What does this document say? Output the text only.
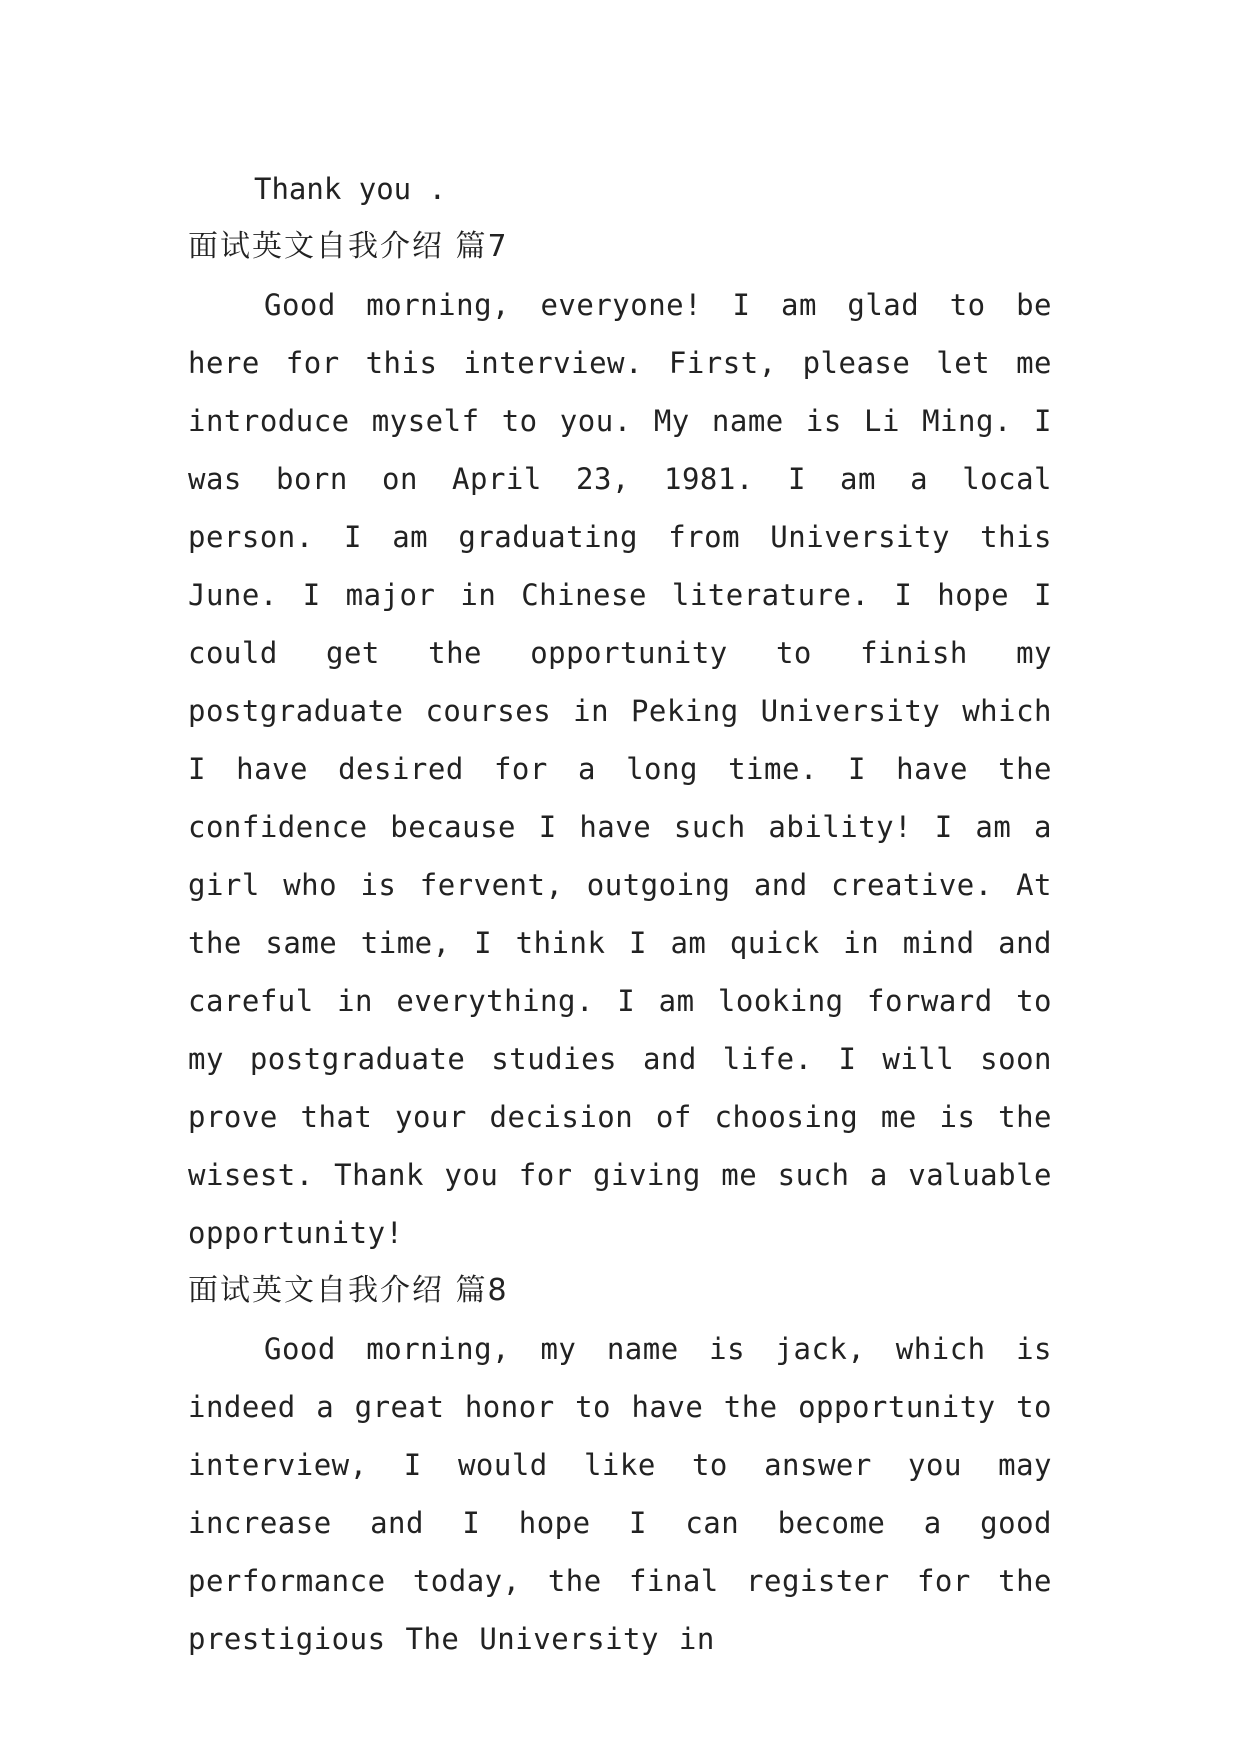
Thank you .
面试英文自我介绍 篇7

Good morning, everyone! I am glad to be here for this interview. First, please let me introduce myself to you. My name is Li Ming. I was born on April 23, 1981. I am a local person. I am graduating from University this June. I major in Chinese literature. I hope I could get the opportunity to finish my postgraduate courses in Peking University which I have desired for a long time. I have the confidence because I have such ability! I am a girl who is fervent, outgoing and creative. At the same time, I think I am quick in mind and careful in everything. I am looking forward to my postgraduate studies and life. I will soon prove that your decision of choosing me is the wisest. Thank you for giving me such a valuable opportunity!

面试英文自我介绍 篇8

Good morning, my name is jack, which is indeed a great honor to have the opportunity to interview, I would like to answer you may increase and I hope I can become a good performance today, the final register for the prestigious The University in
